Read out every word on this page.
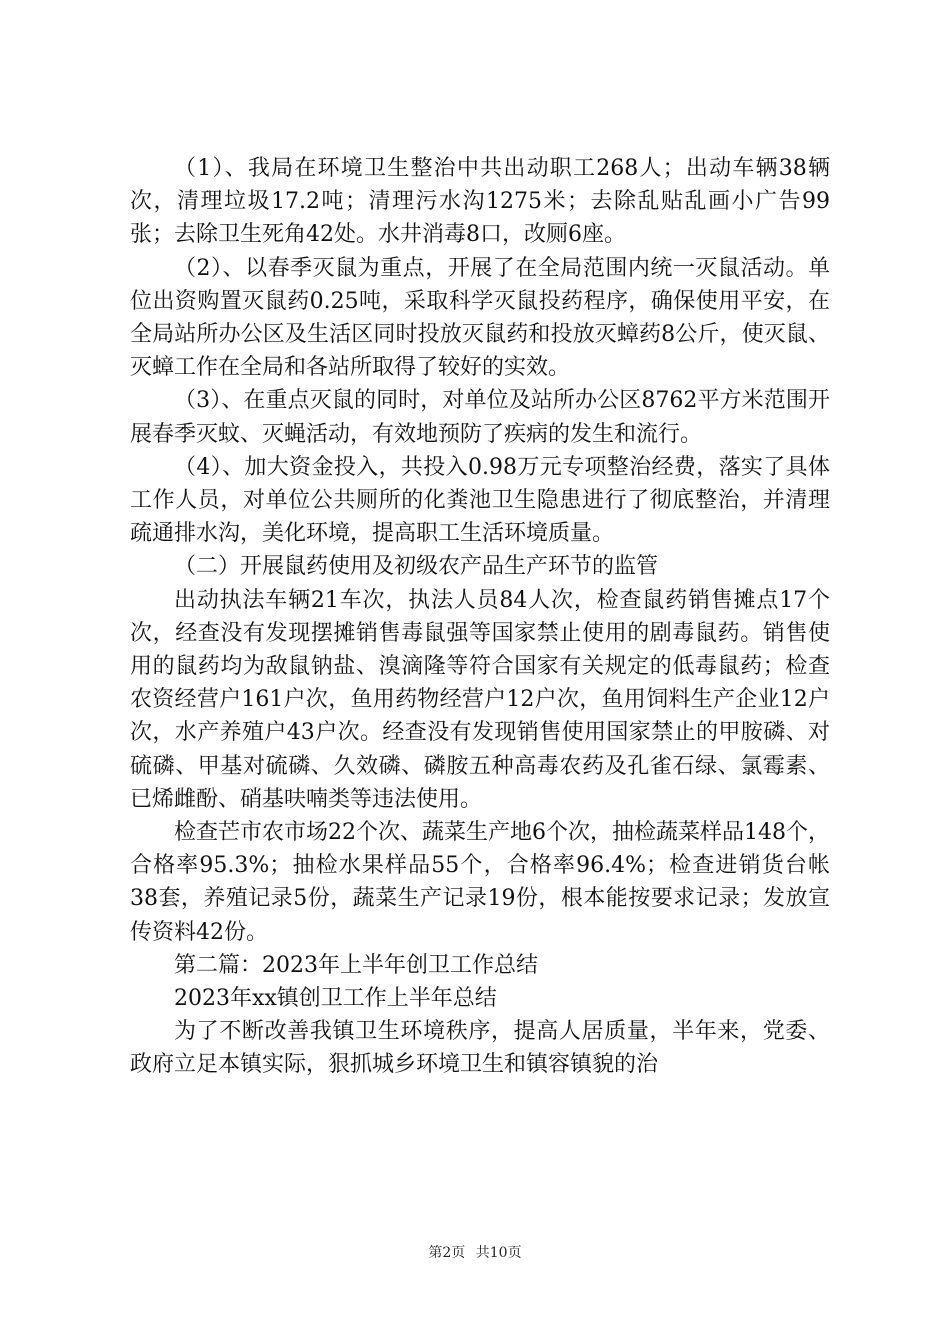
（1）、我局在环境卫生整治中共出动职工268人；出动车辆38辆次，清理垃圾17.2吨；清理污水沟1275米；去除乱贴乱画小广告99张；去除卫生死角42处。水井消毒8口，改厕6座。

（2）、以春季灭鼠为重点，开展了在全局范围内统一灭鼠活动。单位出资购置灭鼠药0.25吨，采取科学灭鼠投药程序，确保使用平安，在全局站所办公区及生活区同时投放灭鼠药和投放灭蟑药8公斤，使灭鼠、灭蟑工作在全局和各站所取得了较好的实效。

（3）、在重点灭鼠的同时，对单位及站所办公区8762平方米范围开展春季灭蚊、灭蝇活动，有效地预防了疾病的发生和流行。

（4）、加大资金投入，共投入0.98万元专项整治经费，落实了具体工作人员，对单位公共厕所的化粪池卫生隐患进行了彻底整治，并清理疏通排水沟，美化环境，提高职工生活环境质量。

（二）开展鼠药使用及初级农产品生产环节的监管

出动执法车辆21车次，执法人员84人次，检查鼠药销售摊点17个次，经查没有发现摆摊销售毒鼠强等国家禁止使用的剧毒鼠药。销售使用的鼠药均为敌鼠钠盐、溴滴隆等符合国家有关规定的低毒鼠药；检查农资经营户161户次，鱼用药物经营户12户次，鱼用饲料生产企业12户次，水产养殖户43户次。经查没有发现销售使用国家禁止的甲胺磷、对硫磷、甲基对硫磷、久效磷、磷胺五种高毒农药及孔雀石绿、氯霉素、已烯雌酚、硝基呋喃类等违法使用。

检查芒市农市场22个次、蔬菜生产地6个次，抽检蔬菜样品148个，合格率95.3%；抽检水果样品55个，合格率96.4%；检查进销货台帐38套，养殖记录5份，蔬菜生产记录19份，根本能按要求记录；发放宣传资料42份。

第二篇：2023年上半年创卫工作总结

2023年xx镇创卫工作上半年总结

为了不断改善我镇卫生环境秩序，提高人居质量，半年来，党委、政府立足本镇实际，狠抓城乡环境卫生和镇容镇貌的治

第2页 共10页
